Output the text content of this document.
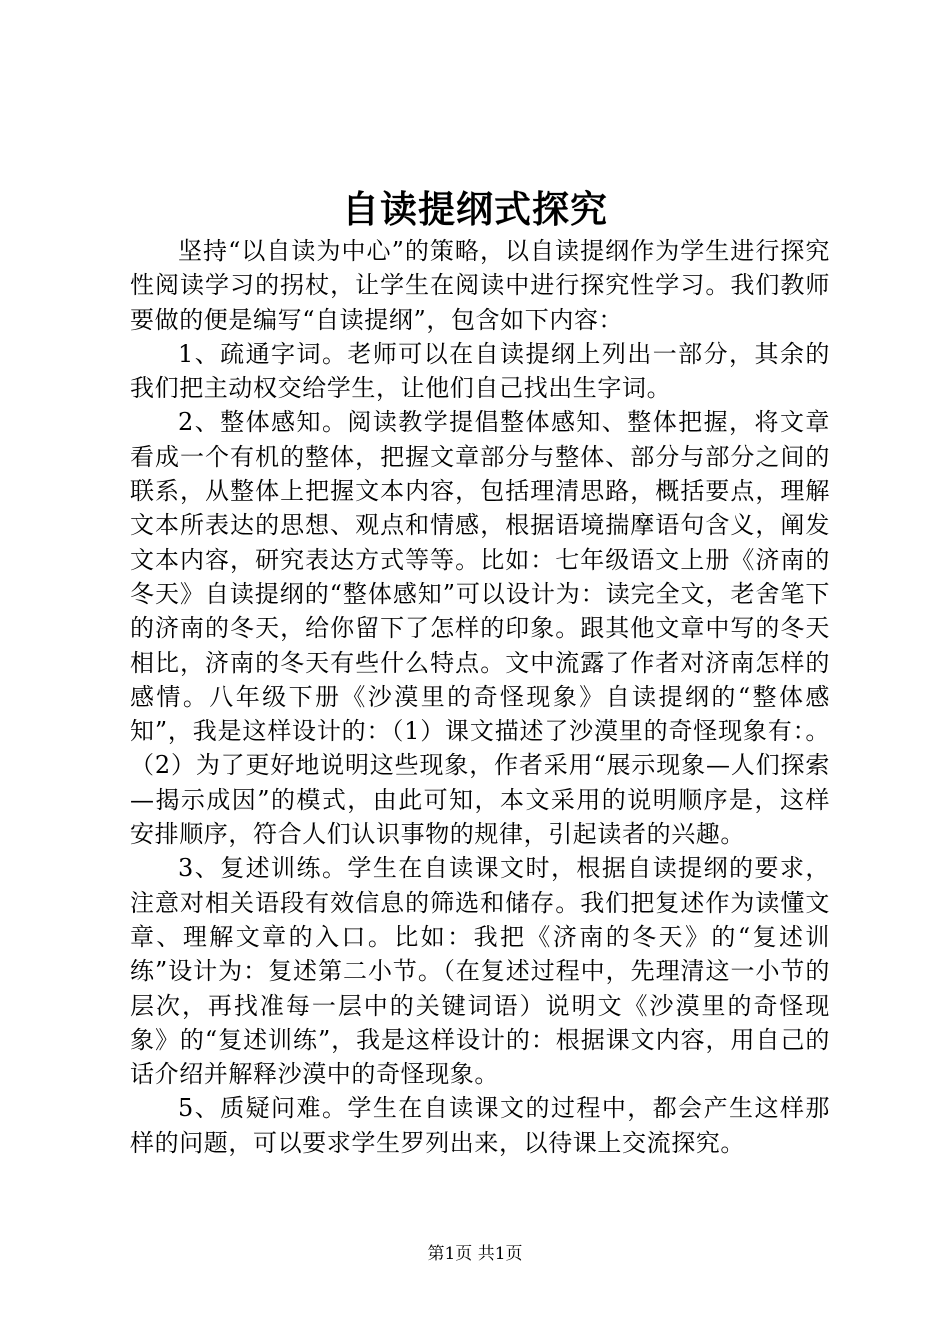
自读提纲式探究

坚持“以自读为中心”的策略，以自读提纲作为学生进行探究性阅读学习的拐杖，让学生在阅读中进行探究性学习。我们教师要做的便是编写“自读提纲”，包含如下内容：

1、疏通字词。老师可以在自读提纲上列出一部分，其余的我们把主动权交给学生，让他们自己找出生字词。

2、整体感知。阅读教学提倡整体感知、整体把握，将文章看成一个有机的整体，把握文章部分与整体、部分与部分之间的联系，从整体上把握文本内容，包括理清思路，概括要点，理解文本所表达的思想、观点和情感，根据语境揣摩语句含义，阐发文本内容，研究表达方式等等。比如：七年级语文上册《济南的冬天》自读提纲的“整体感知”可以设计为：读完全文，老舍笔下的济南的冬天，给你留下了怎样的印象。跟其他文章中写的冬天相比，济南的冬天有些什么特点。文中流露了作者对济南怎样的感情。八年级下册《沙漠里的奇怪现象》自读提纲的“整体感知”，我是这样设计的：（1）课文描述了沙漠里的奇怪现象有：。（2）为了更好地说明这些现象，作者采用“展示现象—人们探索—揭示成因”的模式，由此可知，本文采用的说明顺序是，这样安排顺序，符合人们认识事物的规律，引起读者的兴趣。

3、复述训练。学生在自读课文时，根据自读提纲的要求，注意对相关语段有效信息的筛选和储存。我们把复述作为读懂文章、理解文章的入口。比如：我把《济南的冬天》的“复述训练”设计为：复述第二小节。（在复述过程中，先理清这一小节的层次，再找准每一层中的关键词语）说明文《沙漠里的奇怪现象》的“复述训练”，我是这样设计的：根据课文内容，用自己的话介绍并解释沙漠中的奇怪现象。

5、质疑问难。学生在自读课文的过程中，都会产生这样那样的问题，可以要求学生罗列出来，以待课上交流探究。

第1页 共1页
